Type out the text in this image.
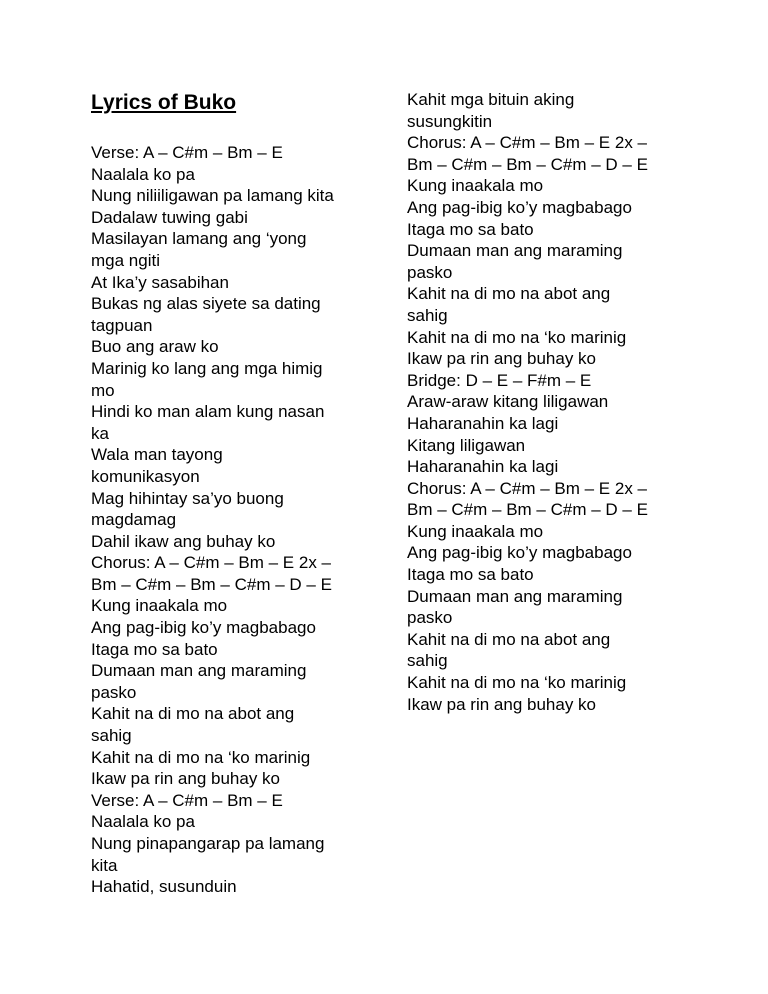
Lyrics of Buko
Verse: A – C#m – Bm – E
Naalala ko pa
Nung niliiligawan pa lamang kita
Dadalaw tuwing gabi
Masilayan lamang ang ‘yong
mga ngiti
At Ika’y sasabihan
Bukas ng alas siyete sa dating
tagpuan
Buo ang araw ko
Marinig ko lang ang mga himig
mo
Hindi ko man alam kung nasan
ka
Wala man tayong
komunikasyon
Mag hihintay sa’yo buong
magdamag
Dahil ikaw ang buhay ko
Chorus: A – C#m – Bm – E 2x –
Bm – C#m – Bm – C#m – D – E
Kung inaakala mo
Ang pag-ibig ko’y magbabago
Itaga mo sa bato
Dumaan man ang maraming
pasko
Kahit na di mo na abot ang
sahig
Kahit na di mo na ‘ko marinig
Ikaw pa rin ang buhay ko
Verse: A – C#m – Bm – E
Naalala ko pa
Nung pinapangarap pa lamang
kita
Hahatid, susunduin
Kahit mga bituin aking
susungkitin
Chorus: A – C#m – Bm – E 2x –
Bm – C#m – Bm – C#m – D – E
Kung inaakala mo
Ang pag-ibig ko’y magbabago
Itaga mo sa bato
Dumaan man ang maraming
pasko
Kahit na di mo na abot ang
sahig
Kahit na di mo na ‘ko marinig
Ikaw pa rin ang buhay ko
Bridge: D – E – F#m – E
Araw-araw kitang liligawan
Haharanahin ka lagi
Kitang liligawan
Haharanahin ka lagi
Chorus: A – C#m – Bm – E 2x –
Bm – C#m – Bm – C#m – D – E
Kung inaakala mo
Ang pag-ibig ko’y magbabago
Itaga mo sa bato
Dumaan man ang maraming
pasko
Kahit na di mo na abot ang
sahig
Kahit na di mo na ‘ko marinig
Ikaw pa rin ang buhay ko
